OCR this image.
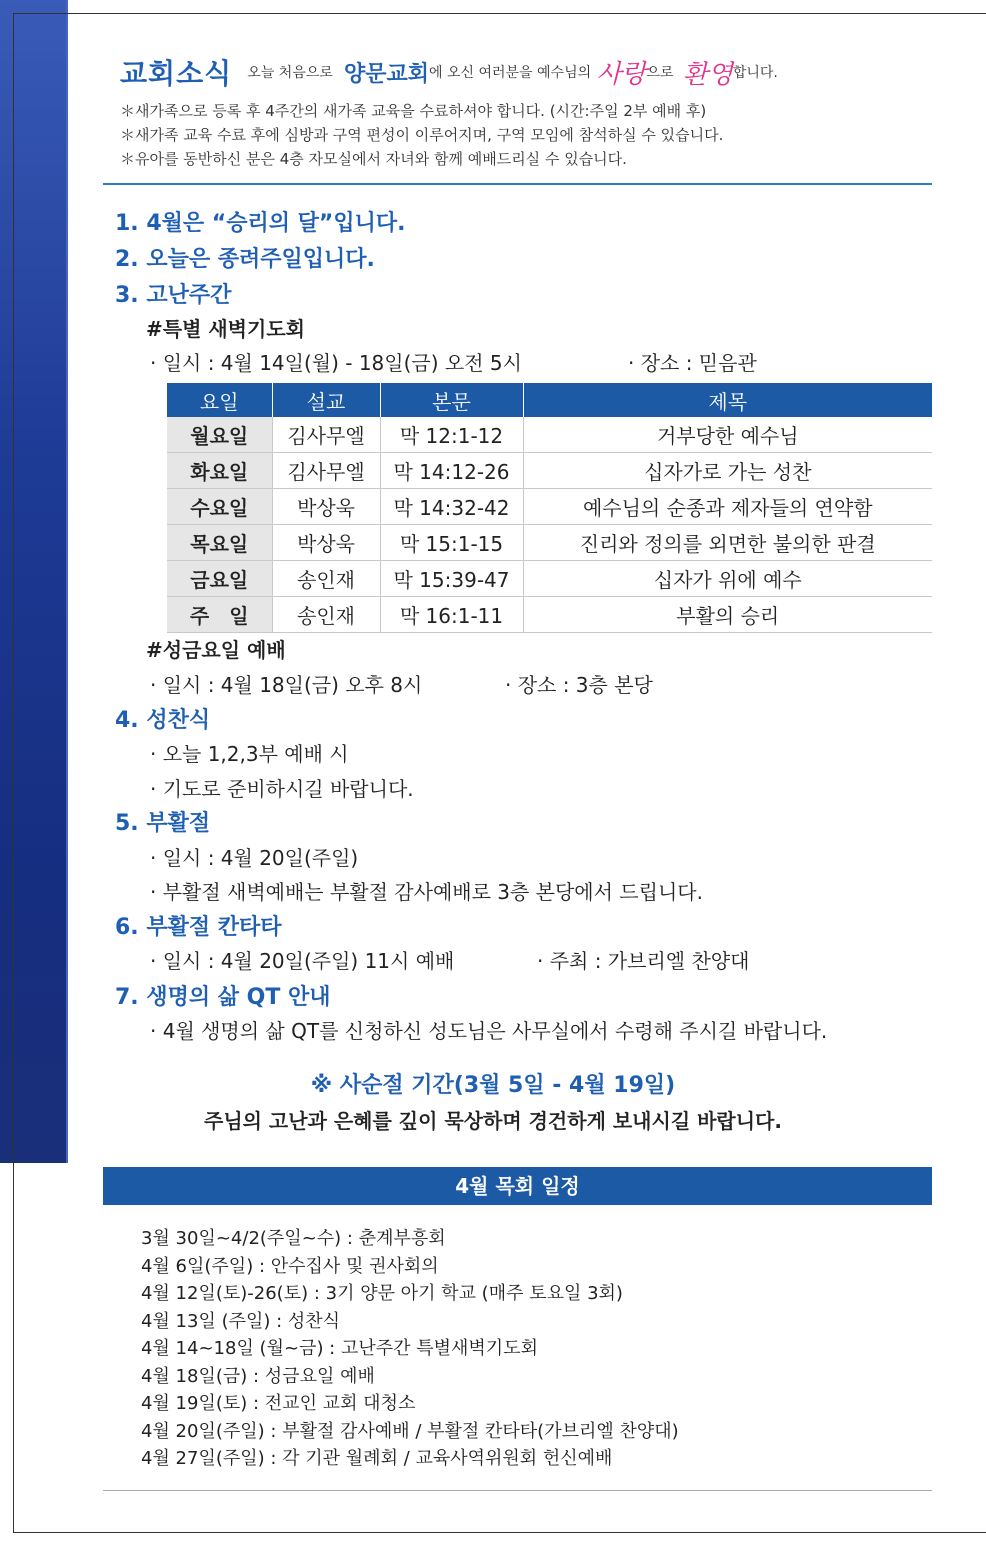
교회소식 오늘 처음으로 양문교회에 오신 여러분을 예수님의 사랑으로 환영합니다.
＊새가족으로 등록 후 4주간의 새가족 교육을 수료하셔야 합니다. (시간:주일 2부 예배 후)
＊새가족 교육 수료 후에 심방과 구역 편성이 이루어지며, 구역 모임에 참석하실 수 있습니다.
＊유아를 동반하신 분은 4층 자모실에서 자녀와 함께 예배드리실 수 있습니다.
1. 4월은 “승리의 달”입니다.
2. 오늘은 종려주일입니다.
3. 고난주간
#특별 새벽기도회
· 일시 : 4월 14일(월) - 18일(금) 오전 5시	· 장소 : 믿음관
요일	설교	본문	제목
월요일	김사무엘	막 12:1-12	거부당한 예수님
화요일	김사무엘	막 14:12-26	십자가로 가는 성찬
수요일	박상욱	막 14:32-42	예수님의 순종과 제자들의 연약함
목요일	박상욱	막 15:1-15	진리와 정의를 외면한 불의한 판결
금요일	송인재	막 15:39-47	십자가 위에 예수
주　일	송인재	막 16:1-11	부활의 승리
#성금요일 예배
· 일시 : 4월 18일(금) 오후 8시	· 장소 : 3층 본당
4. 성찬식
· 오늘 1,2,3부 예배 시
· 기도로 준비하시길 바랍니다.
5. 부활절
· 일시 : 4월 20일(주일)
· 부활절 새벽예배는 부활절 감사예배로 3층 본당에서 드립니다.
6. 부활절 칸타타
· 일시 : 4월 20일(주일) 11시 예배	· 주최 : 가브리엘 찬양대
7. 생명의 삶 QT 안내
· 4월 생명의 삶 QT를 신청하신 성도님은 사무실에서 수령해 주시길 바랍니다.
※ 사순절 기간(3월 5일 - 4월 19일)
주님의 고난과 은혜를 깊이 묵상하며 경건하게 보내시길 바랍니다.
4월 목회 일정
3월 30일~4/2(주일~수) : 춘계부흥회
4월 6일(주일) : 안수집사 및 권사회의
4월 12일(토)-26(토) : 3기 양문 아기 학교 (매주 토요일 3회)
4월 13일 (주일) : 성찬식
4월 14~18일 (월~금) : 고난주간 특별새벽기도회
4월 18일(금) : 성금요일 예배
4월 19일(토) : 전교인 교회 대청소
4월 20일(주일) : 부활절 감사예배 / 부활절 칸타타(가브리엘 찬양대)
4월 27일(주일) : 각 기관 월례회 / 교육사역위원회 헌신예배
